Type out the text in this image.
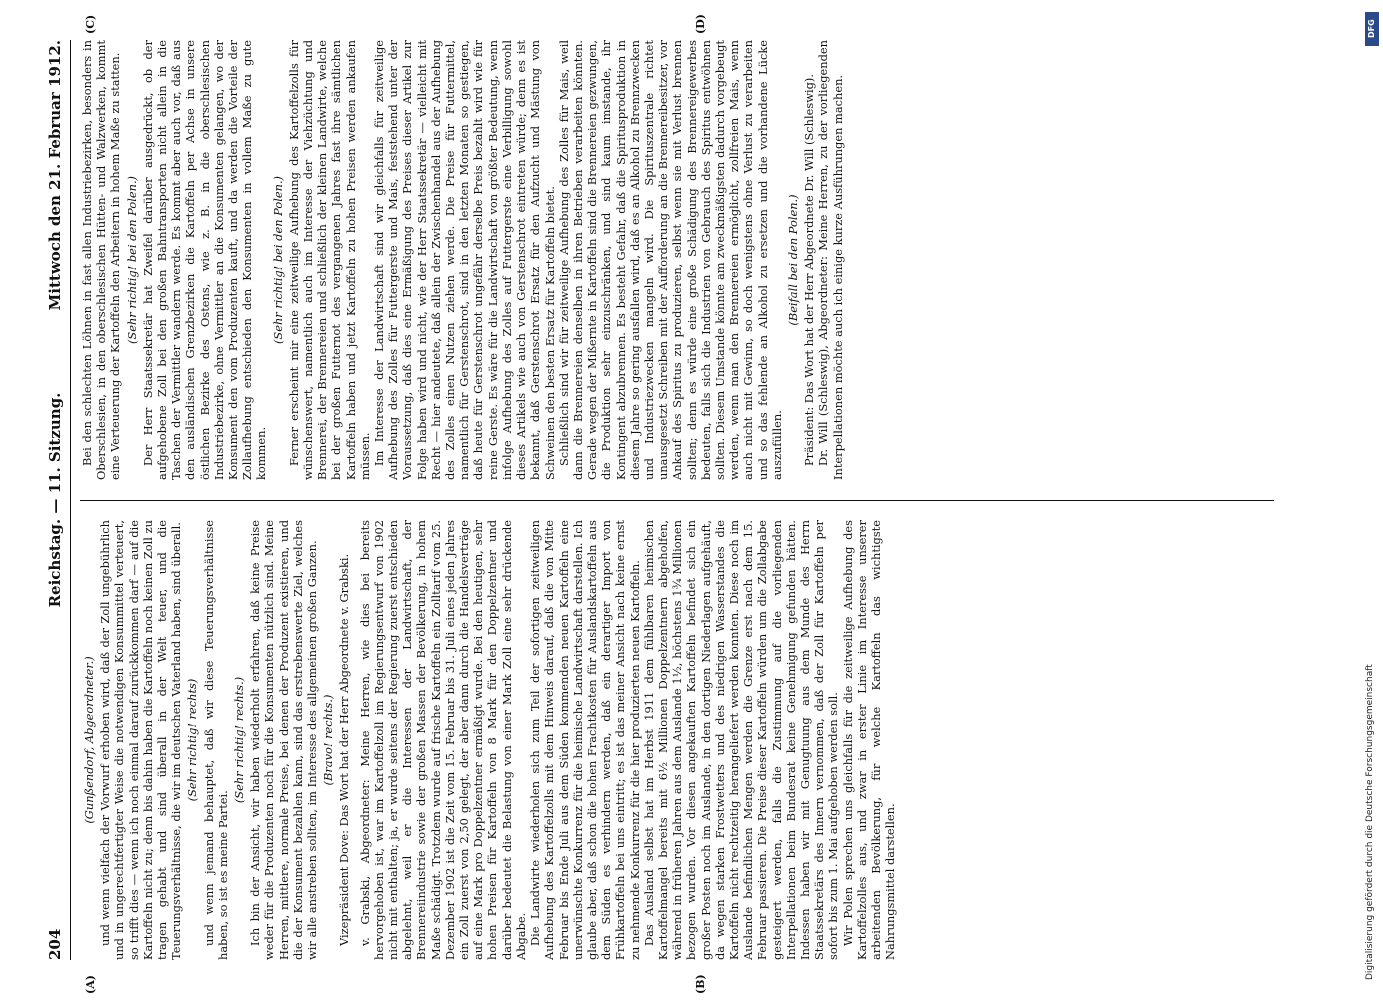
204
Reichstag. — 11. Sitzung.
Mittwoch den 21. Februar 1912.
(A)	(B)
(C)	(D)

(Gunßendorf, Abgeordneter.) und wenn vielfach der Vorwurf erhoben wird, daß der Zoll ungebührlich und in ungerechtfertigter Weise die notwendigen Konsummittel verteuert, so trifft dies — wenn ich noch einmal darauf zurückkommen darf — auf die Kartoffeln nicht zu; denn bis dahin haben die Kartoffeln noch keinen Zoll zu tragen gehabt und sind überall in der Welt teuer, und die Teuerungsverhältnisse, die wir im deutschen Vaterland haben, sind überall. (Sehr richtig! rechts) und wenn jemand behauptet, daß wir diese Teuerungsverhältnisse haben, so ist es meine Partei.

(Sehr richtig! rechts.) Ich bin der Ansicht, wir haben wiederholt erfahren, daß keine Preise weder für die Produzenten noch für die Konsumenten nützlich sind. Meine Herren, mittlere, normale Preise, bei denen der Produzent existieren, und die der Konsument bezahlen kann, sind das erstrebenswerte Ziel, welches wir alle anstreben sollten, im Interesse des allgemeinen großen Ganzen. (Bravo! rechts.) Vizepräsident Dove: Das Wort hat der Herr Abgeordnete v. Grabski. v. Grabski, Abgeordneter: Meine Herren, wie dies bei bereits hervorgehoben ist, war im Kartoffelzoll im Regierungsentwurf von 1902 nicht mit enthalten; ja, er wurde seitens der Regierung zuerst entschieden abgelehnt, weil er die Interessen der Landwirtschaft, der Brennereiindustrie sowie der großen Massen der Bevölkerung, in hohem Maße schädigt. Trotzdem wurde auf frische Kartoffeln ein Zolltarif vom 25. Dezember 1902 ist die Zeit vom 15. Februar bis 31. Juli eines jeden Jahres ein Zoll zuerst von 2,50 gelegt, der aber dann durch die Handelsverträge auf eine Mark pro Doppelzentner ermäßigt wurde. Bei den heutigen, sehr hohen Preisen für Kartoffeln von 8 Mark für den Doppelzentner und darüber bedeutet die Belastung von einer Mark Zoll eine sehr drückende Abgabe. Die Landwirte wiederholen sich zum Teil der sofortigen zeitweiligen Aufhebung des Kartoffelzolls mit dem Hinweis darauf, daß die von Mitte Februar bis Ende Juli aus dem Süden kommenden neuen Kartoffeln eine unerwünschte Konkurrenz für die heimische Landwirtschaft darstellen. Ich glaube aber, daß schon die hohen Frachtkosten für Auslandskartoffeln aus dem Süden es verhindern werden, daß ein derartiger Import von Frühkartoffeln bei uns eintritt; es ist das meiner Ansicht nach keine ernst zu nehmende Konkurrenz für die hier produzierten neuen Kartoffeln. Das Ausland selbst hat im Herbst 1911 dem fühlbaren heimischen Kartoffelmangel bereits mit 6½ Millionen Doppelzentnern abgeholfen, während in früheren Jahren aus dem Auslande 1½, höchstens 1¾ Millionen bezogen wurden. Vor diesen angekauften Kartoffeln befindet sich ein großer Posten noch im Auslande, in den dortigen Niederlagen aufgehäuft, da wegen starken Frostwetters und des niedrigen Wasserstandes die Kartoffeln nicht rechtzeitig herangeliefert werden konnten. Diese noch im Auslande befindlichen Mengen werden die Grenze erst nach dem 15. Februar passieren. Die Preise dieser Kartoffeln würden um die Zollabgabe gesteigert werden, falls die Zustimmung auf die vorliegenden Interpellationen beim Bundesrat keine Genehmigung gefunden hätten. Indessen haben wir mit Genugtuung aus dem Munde des Herrn Staatssekretärs des Innern vernommen, daß der Zoll für Kartoffeln per sofort bis zum 1. Mai aufgehoben werden soll. Wir Polen sprechen uns gleichfalls für die zeitweilige Aufhebung des Kartoffelzolles aus, und zwar in erster Linie im Interesse unserer arbeitenden Bevölkerung, für welche Kartoffeln das wichtigste Nahrungsmittel darstellen.

Bei den schlechten Löhnen in fast allen Industriebezirken, besonders in Oberschlesien, in den oberschlesischen Hütten- und Walzwerken, kommt eine Verteuerung der Kartoffeln den Arbeitern in hohem Maße zu statten. (Sehr richtig! bei den Polen.) Der Herr Staatssekretär hat Zweifel darüber ausgedrückt, ob der aufgehobene Zoll bei den großen Bahntransporten nicht allein in die Taschen der Vermittler wandern werde. Es kommt aber auch vor, daß aus den ausländischen Grenzbezirken die Kartoffeln per Achse in unsere östlichen Bezirke des Ostens, wie z. B. in die oberschlesischen Industriebezirke, ohne Vermittler an die Konsumenten gelangen, wo der Konsument den vom Produzenten kauft, und da werden die Vorteile der Zollaufhebung entschieden den Konsumenten in vollem Maße zu gute kommen.

(Sehr richtig! bei den Polen.) Ferner erscheint mir eine zeitweilige Aufhebung des Kartoffelzolls für wünschenswert, namentlich auch im Interesse der Viehzüchtung und Brennerei, der Brennereien und schließlich der kleinen Landwirte, welche bei der großen Futternot des vergangenen Jahres fast ihre sämtlichen Kartoffeln haben und jetzt Kartoffeln zu hohen Preisen werden ankaufen müssen. Im Interesse der Landwirtschaft sind wir gleichfalls für zeitweilige Aufhebung des Zolles für Futtergerste und Mais, feststehend unter der Voraussetzung, daß dies eine Ermäßigung des Preises dieser Artikel zur Folge haben wird und nicht, wie der Herr Staatssekretär — vielleicht mit Recht — hier andeutete, daß allein der Zwischenhandel aus der Aufhebung des Zolles einen Nutzen ziehen werde. Die Preise für Futtermittel, namentlich für Gerstenschrot, sind in den letzten Monaten so gestiegen, daß heute für Gerstenschrot ungefähr derselbe Preis bezahlt wird wie für reine Gerste. Es wäre für die Landwirtschaft von größter Bedeutung, wenn infolge Aufhebung des Zolles auf Futtergerste eine Verbilligung sowohl dieses Artikels wie auch von Gerstenschrot eintreten würde; denn es ist bekannt, daß Gerstenschrot Ersatz für den Aufzucht und Mästung von Schweinen den besten Ersatz für Kartoffeln bietet. Schließlich sind wir für zeitweilige Aufhebung des Zolles für Mais, weil dann die Brennereien denselben in ihren Betrieben verarbeiten könnten. Gerade wegen der Mißernte in Kartoffeln sind die Brennereien gezwungen, die Produktion sehr einzuschränken, und sind kaum imstande, ihr Kontingent abzubrennen. Es besteht Gefahr, daß die Spiritusproduktion in diesem Jahre so gering ausfallen wird, daß es an Alkohol zu Brennzwecken und Industriezwecken mangeln wird. Die Spirituszentrale richtet unausgesetzt Schreiben mit der Aufforderung an die Brennereibesitzer, vor Ankauf des Spiritus zu produzieren, selbst wenn sie mit Verlust brennen sollten; denn es würde eine große Schädigung des Brennereigewerbes bedeuten, falls sich die Industrien von Gebrauch des Spiritus entwöhnen sollten. Diesem Umstande könnte am zweckmäßigsten dadurch vorgebeugt werden, wenn man den Brennereien ermöglicht, zollfreien Mais, wenn auch nicht mit Gewinn, so doch wenigstens ohne Verlust zu verarbeiten und so das fehlende an Alkohol zu ersetzen und die vorhandene Lücke auszufüllen.

(Beifall bei den Polen.) Präsident: Das Wort hat der Herr Abgeordnete Dr. Will (Schleswig). Dr. Will (Schleswig), Abgeordneter: Meine Herren, zu der vorliegenden Interpellationen möchte auch ich einige kurze Ausführungen machen.

DFG
Digitalisierung gefördert durch die Deutsche Forschungsgemeinschaft
